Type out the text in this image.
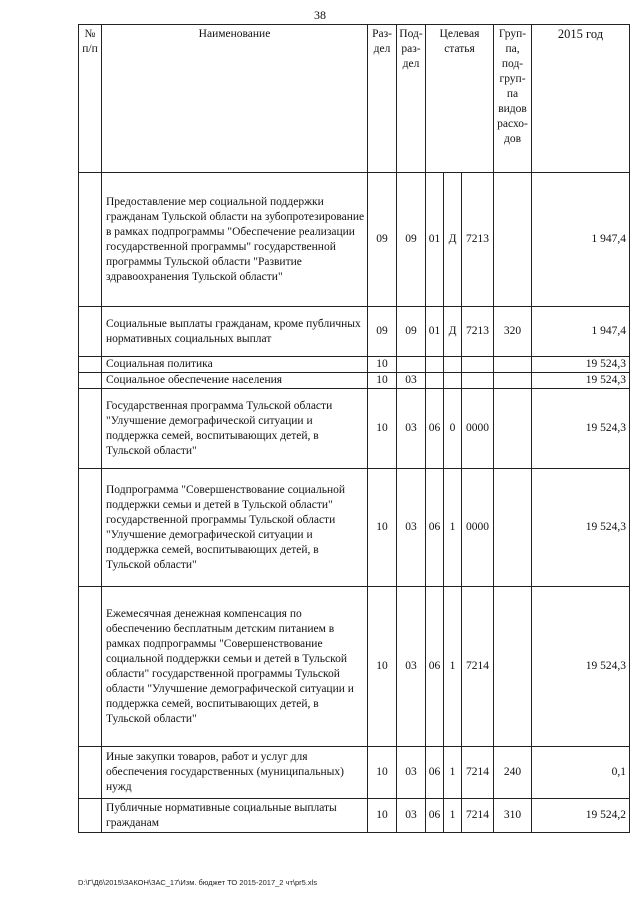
38
№ п/п	Наименование	Раз-дел	Под-раз-дел	Целевая статья			Груп-па, под-груп-па видов расхо-дов	2015 год
	Предоставление мер социальной поддержки гражданам Тульской области на зубопротезирование в рамках подпрограммы "Обеспечение реализации государственной программы" государственной программы Тульской области "Развитие здравоохранения Тульской области"	09	09	01	Д	7213		1 947,4
	Социальные выплаты гражданам, кроме публичных нормативных социальных выплат	09	09	01	Д	7213	320	1 947,4
	Социальная политика	10						19 524,3
	Социальное обеспечение населения	10	03					19 524,3
	Государственная программа Тульской области "Улучшение демографической ситуации и поддержка семей, воспитывающих детей, в Тульской области"	10	03	06	0	0000		19 524,3
	Подпрограмма "Совершенствование социальной поддержки семьи и детей в Тульской области" государственной программы Тульской области "Улучшение демографической ситуации и поддержка семей, воспитывающих детей, в Тульской области"	10	03	06	1	0000		19 524,3
	Ежемесячная денежная компенсация по обеспечению бесплатным детским питанием в рамках подпрограммы "Совершенствование социальной поддержки семьи и детей в Тульской области" государственной программы Тульской области "Улучшение демографической ситуации и поддержка семей, воспитывающих детей, в Тульской области"	10	03	06	1	7214		19 524,3
	Иные закупки товаров, работ и услуг для обеспечения государственных (муниципальных) нужд	10	03	06	1	7214	240	0,1
	Публичные нормативные социальные выплаты гражданам	10	03	06	1	7214	310	19 524,2
D:\Г\Д6\2015\ЗАКОН\ЗАС_17\Изм. бюджет ТО 2015-2017_2 чт\pr5.xls
